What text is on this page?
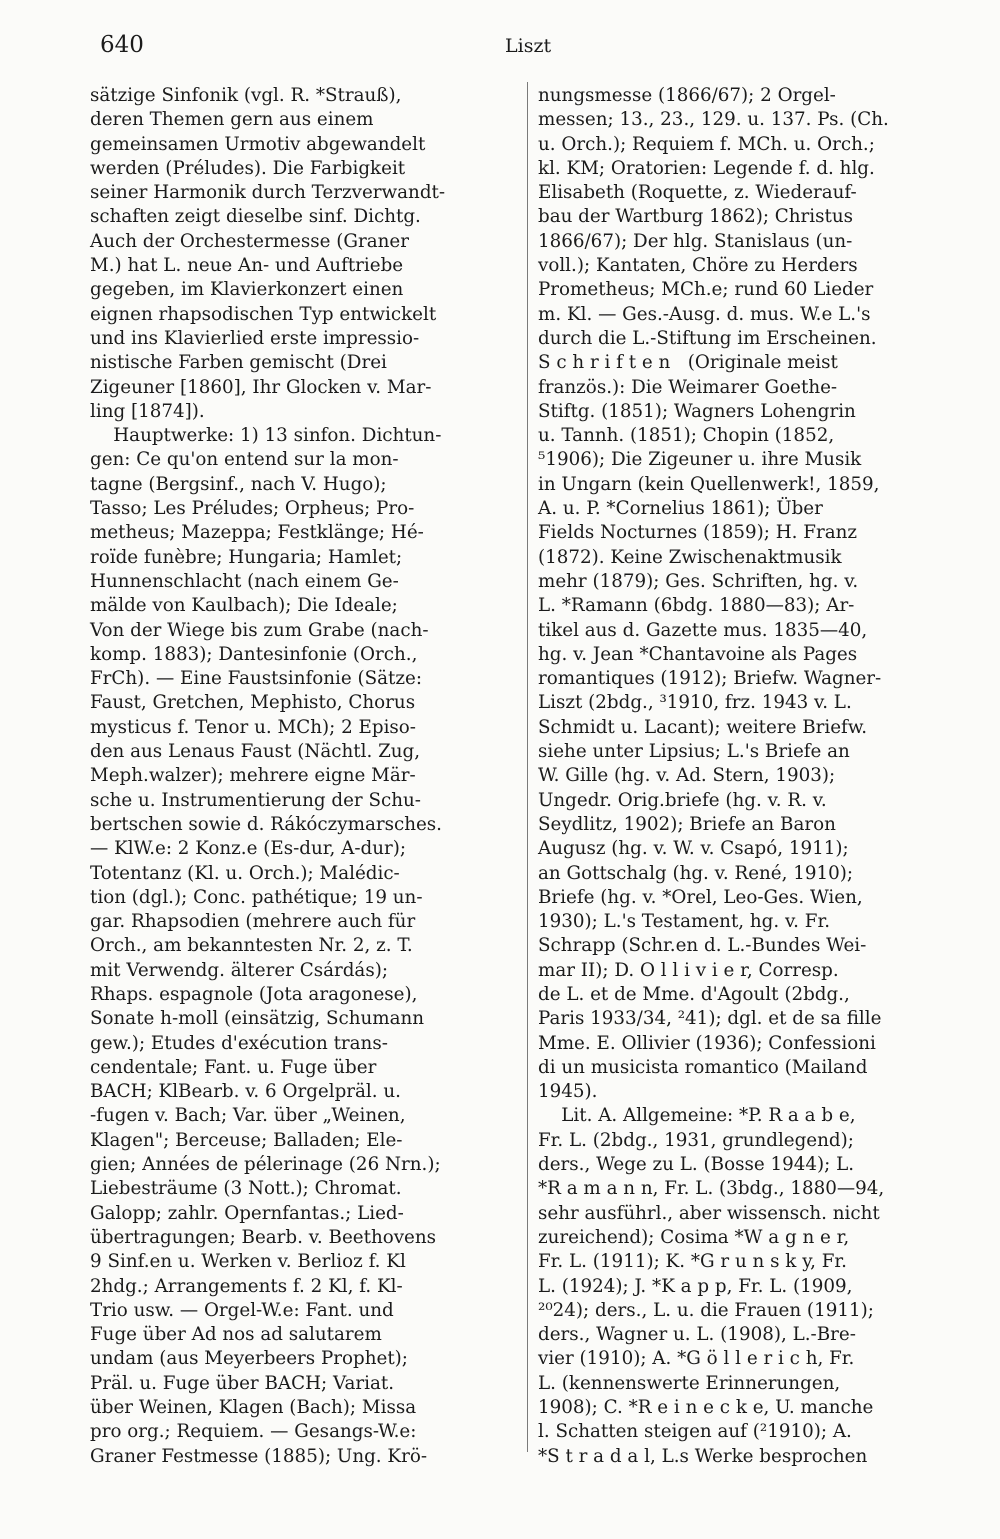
640	Liszt
sätzige Sinfonik (vgl. R. *Strauß),
deren Themen gern aus einem
gemeinsamen Urmotiv abgewandelt
werden (Préludes). Die Farbigkeit
seiner Harmonik durch Terzverwandt-
schaften zeigt dieselbe sinf. Dichtg.
Auch der Orchestermesse (Graner
M.) hat L. neue An- und Auftriebe
gegeben, im Klavierkonzert einen
eignen rhapsodischen Typ entwickelt
und ins Klavierlied erste impressio-
nistische Farben gemischt (Drei
Zigeuner [1860], Ihr Glocken v. Mar-
ling [1874]).
Hauptwerke: 1) 13 sinfon. Dichtun-
gen: Ce qu'on entend sur la mon-
tagne (Bergsinf., nach V. Hugo);
Tasso; Les Préludes; Orpheus; Pro-
metheus; Mazeppa; Festklänge; Hé-
roïde funèbre; Hungaria; Hamlet;
Hunnenschlacht (nach einem Ge-
mälde von Kaulbach); Die Ideale;
Von der Wiege bis zum Grabe (nach-
komp. 1883); Dantesinfonie (Orch.,
FrCh). — Eine Faustsinfonie (Sätze:
Faust, Gretchen, Mephisto, Chorus
mysticus f. Tenor u. MCh); 2 Episo-
den aus Lenaus Faust (Nächtl. Zug,
Meph.walzer); mehrere eigne Mär-
sche u. Instrumentierung der Schu-
bertschen sowie d. Rákóczymarsches.
— KlW.e: 2 Konz.e (Es-dur, A-dur);
Totentanz (Kl. u. Orch.); Malédic-
tion (dgl.); Conc. pathétique; 19 un-
gar. Rhapsodien (mehrere auch für
Orch., am bekanntesten Nr. 2, z. T.
mit Verwendg. älterer Csárdás);
Rhaps. espagnole (Jota aragonese),
Sonate h-moll (einsätzig, Schumann
gew.); Etudes d'exécution trans-
cendentale; Fant. u. Fuge über
BACH; KlBearb. v. 6 Orgelpräl. u.
-fugen v. Bach; Var. über „Weinen,
Klagen"; Berceuse; Balladen; Ele-
gien; Années de pélerinage (26 Nrn.);
Liebesträume (3 Nott.); Chromat.
Galopp; zahlr. Opernfantas.; Lied-
übertragungen; Bearb. v. Beethovens
9 Sinf.en u. Werken v. Berlioz f. Kl
2hdg.; Arrangements f. 2 Kl, f. Kl-
Trio usw. — Orgel-W.e: Fant. und
Fuge über Ad nos ad salutarem
undam (aus Meyerbeers Prophet);
Präl. u. Fuge über BACH; Variat.
über Weinen, Klagen (Bach); Missa
pro org.; Requiem. — Gesangs-W.e:
Graner Festmesse (1885); Ung. Krö-
nungsmesse (1866/67); 2 Orgel-
messen; 13., 23., 129. u. 137. Ps. (Ch.
u. Orch.); Requiem f. MCh. u. Orch.;
kl. KM; Oratorien: Legende f. d. hlg.
Elisabeth (Roquette, z. Wiederauf-
bau der Wartburg 1862); Christus
1866/67); Der hlg. Stanislaus (un-
voll.); Kantaten, Chöre zu Herders
Prometheus; MCh.e; rund 60 Lieder
m. Kl. — Ges.-Ausg. d. mus. W.e L.'s
durch die L.-Stiftung im Erscheinen.
S c h r i f t e n   (Originale meist
französ.): Die Weimarer Goethe-
Stiftg. (1851); Wagners Lohengrin
u. Tannh. (1851); Chopin (1852,
⁵1906); Die Zigeuner u. ihre Musik
in Ungarn (kein Quellenwerk!, 1859,
A. u. P. *Cornelius 1861); Über
Fields Nocturnes (1859); H. Franz
(1872). Keine Zwischenaktmusik
mehr (1879); Ges. Schriften, hg. v.
L. *Ramann (6bdg. 1880—83); Ar-
tikel aus d. Gazette mus. 1835—40,
hg. v. Jean *Chantavoine als Pages
romantiques (1912); Briefw. Wagner-
Liszt (2bdg., ³1910, frz. 1943 v. L.
Schmidt u. Lacant); weitere Briefw.
siehe unter Lipsius; L.'s Briefe an
W. Gille (hg. v. Ad. Stern, 1903);
Ungedr. Orig.briefe (hg. v. R. v.
Seydlitz, 1902); Briefe an Baron
Augusz (hg. v. W. v. Csapó, 1911);
an Gottschalg (hg. v. René, 1910);
Briefe (hg. v. *Orel, Leo-Ges. Wien,
1930); L.'s Testament, hg. v. Fr.
Schrapp (Schr.en d. L.-Bundes Wei-
mar II); D. O l l i v i e r, Corresp.
de L. et de Mme. d'Agoult (2bdg.,
Paris 1933/34, ²41); dgl. et de sa fille
Mme. E. Ollivier (1936); Confessioni
di un musicista romantico (Mailand
1945).
Lit. A. Allgemeine: *P. R a a b e,
Fr. L. (2bdg., 1931, grundlegend);
ders., Wege zu L. (Bosse 1944); L.
*R a m a n n, Fr. L. (3bdg., 1880—94,
sehr ausführl., aber wissensch. nicht
zureichend); Cosima *W a g n e r,
Fr. L. (1911); K. *G r u n s k y, Fr.
L. (1924); J. *K a p p, Fr. L. (1909,
²⁰24); ders., L. u. die Frauen (1911);
ders., Wagner u. L. (1908), L.-Bre-
vier (1910); A. *G ö l l e r i c h, Fr.
L. (kennenswerte Erinnerungen,
1908); C. *R e i n e c k e, U. manche
l. Schatten steigen auf (²1910); A.
*S t r a d a l, L.s Werke besprochen
